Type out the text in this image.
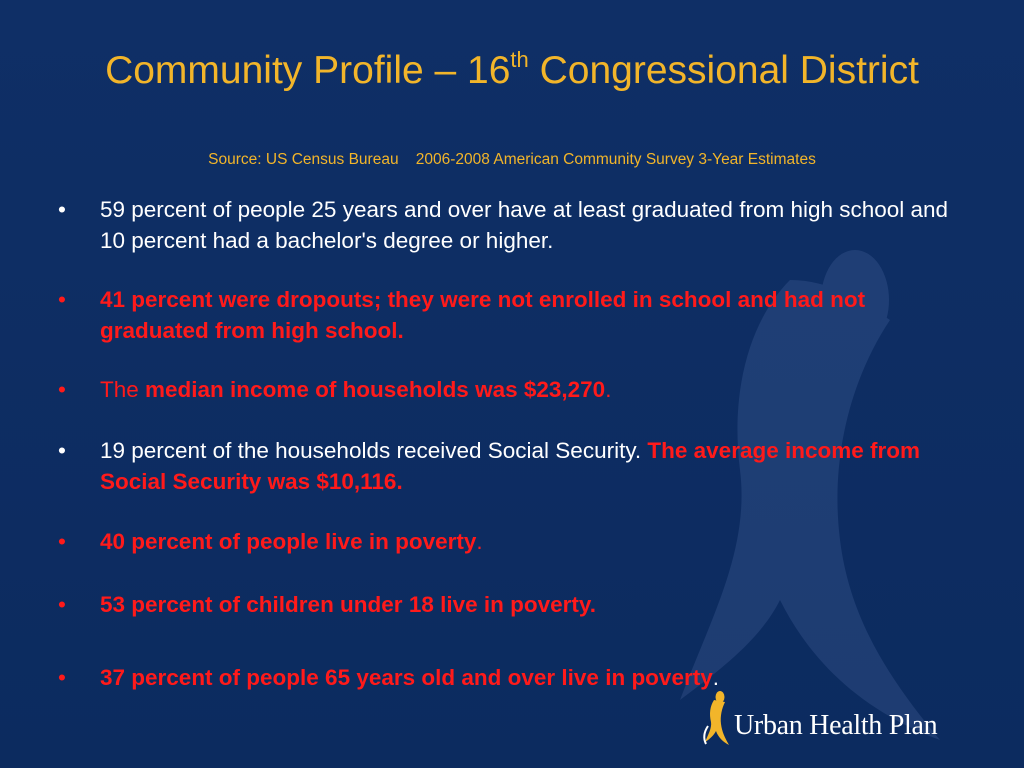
Community Profile – 16th Congressional District
Source: US Census Bureau    2006-2008 American Community Survey 3-Year Estimates
•	59 percent of people 25 years and over have at least graduated from high school and 10 percent had a bachelor's degree or higher.
•	41 percent were dropouts; they were not enrolled in school and had not graduated from high school.
•	The median income of households was $23,270.
•	19 percent of the households received Social Security. The average income from Social Security was $10,116.
•	40 percent of people live in poverty.
•	53 percent of children under 18 live in poverty.
•	37 percent of people 65 years old and over live in poverty.
Urban Health Plan
